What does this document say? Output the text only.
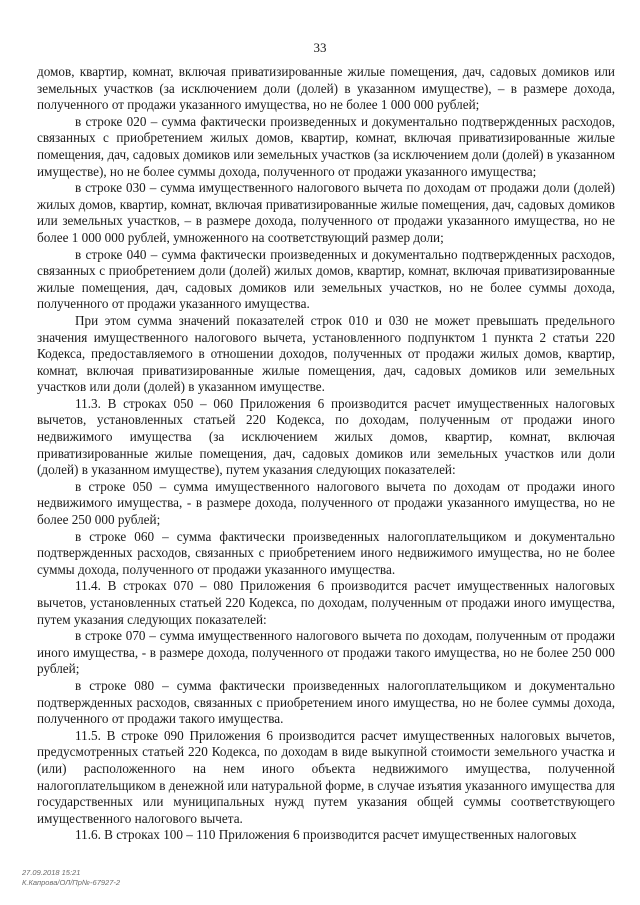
33

домов, квартир, комнат, включая приватизированные жилые помещения, дач, садовых домиков или земельных участков (за исключением доли (долей) в указанном имуществе), – в размере дохода, полученного от продажи указанного имущества, но не более 1 000 000 рублей;

в строке 020 – сумма фактически произведенных и документально подтвержденных расходов, связанных с приобретением жилых домов, квартир, комнат, включая приватизированные жилые помещения, дач, садовых домиков или земельных участков (за исключением доли (долей) в указанном имуществе), но не более суммы дохода, полученного от продажи указанного имущества;

в строке 030 – сумма имущественного налогового вычета по доходам от продажи доли (долей) жилых домов, квартир, комнат, включая приватизированные жилые помещения, дач, садовых домиков или земельных участков, – в размере дохода, полученного от продажи указанного имущества, но не более 1 000 000 рублей, умноженного на соответствующий размер доли;

в строке 040 – сумма фактически произведенных и документально подтвержденных расходов, связанных с приобретением доли (долей) жилых домов, квартир, комнат, включая приватизированные жилые помещения, дач, садовых домиков или земельных участков, но не более суммы дохода, полученного от продажи указанного имущества.

При этом сумма значений показателей строк 010 и 030 не может превышать предельного значения имущественного налогового вычета, установленного подпунктом 1 пункта 2 статьи 220 Кодекса, предоставляемого в отношении доходов, полученных от продажи жилых домов, квартир, комнат, включая приватизированные жилые помещения, дач, садовых домиков или земельных участков или доли (долей) в указанном имуществе.

11.3. В строках 050 – 060 Приложения 6 производится расчет имущественных налоговых вычетов, установленных статьей 220 Кодекса, по доходам, полученным от продажи иного недвижимого имущества (за исключением жилых домов, квартир, комнат, включая приватизированные жилые помещения, дач, садовых домиков или земельных участков или доли (долей) в указанном имуществе), путем указания следующих показателей:

в строке 050 – сумма имущественного налогового вычета по доходам от продажи иного недвижимого имущества, - в размере дохода, полученного от продажи указанного имущества, но не более 250 000 рублей;

в строке 060 – сумма фактически произведенных налогоплательщиком и документально подтвержденных расходов, связанных с приобретением иного недвижимого имущества, но не более суммы дохода, полученного от продажи указанного имущества.

11.4. В строках 070 – 080 Приложения 6 производится расчет имущественных налоговых вычетов, установленных статьей 220 Кодекса, по доходам, полученным от продажи иного имущества, путем указания следующих показателей:

в строке 070 – сумма имущественного налогового вычета по доходам, полученным от продажи иного имущества, - в размере дохода, полученного от продажи такого имущества, но не более 250 000 рублей;

в строке 080 – сумма фактически произведенных налогоплательщиком и документально подтвержденных расходов, связанных с приобретением иного имущества, но не более суммы дохода, полученного от продажи такого имущества.

11.5. В строке 090 Приложения 6 производится расчет имущественных налоговых вычетов, предусмотренных статьей 220 Кодекса, по доходам в виде выкупной стоимости земельного участка и (или) расположенного на нем иного объекта недвижимого имущества, полученной налогоплательщиком в денежной или натуральной форме, в случае изъятия указанного имущества для государственных или муниципальных нужд путем указания общей суммы соответствующего имущественного налогового вычета.

11.6. В строках 100 – 110 Приложения 6 производится расчет имущественных налоговых

27.09.2018 15:21
К.Капрова/ОЛ/Пр№-67927-2
